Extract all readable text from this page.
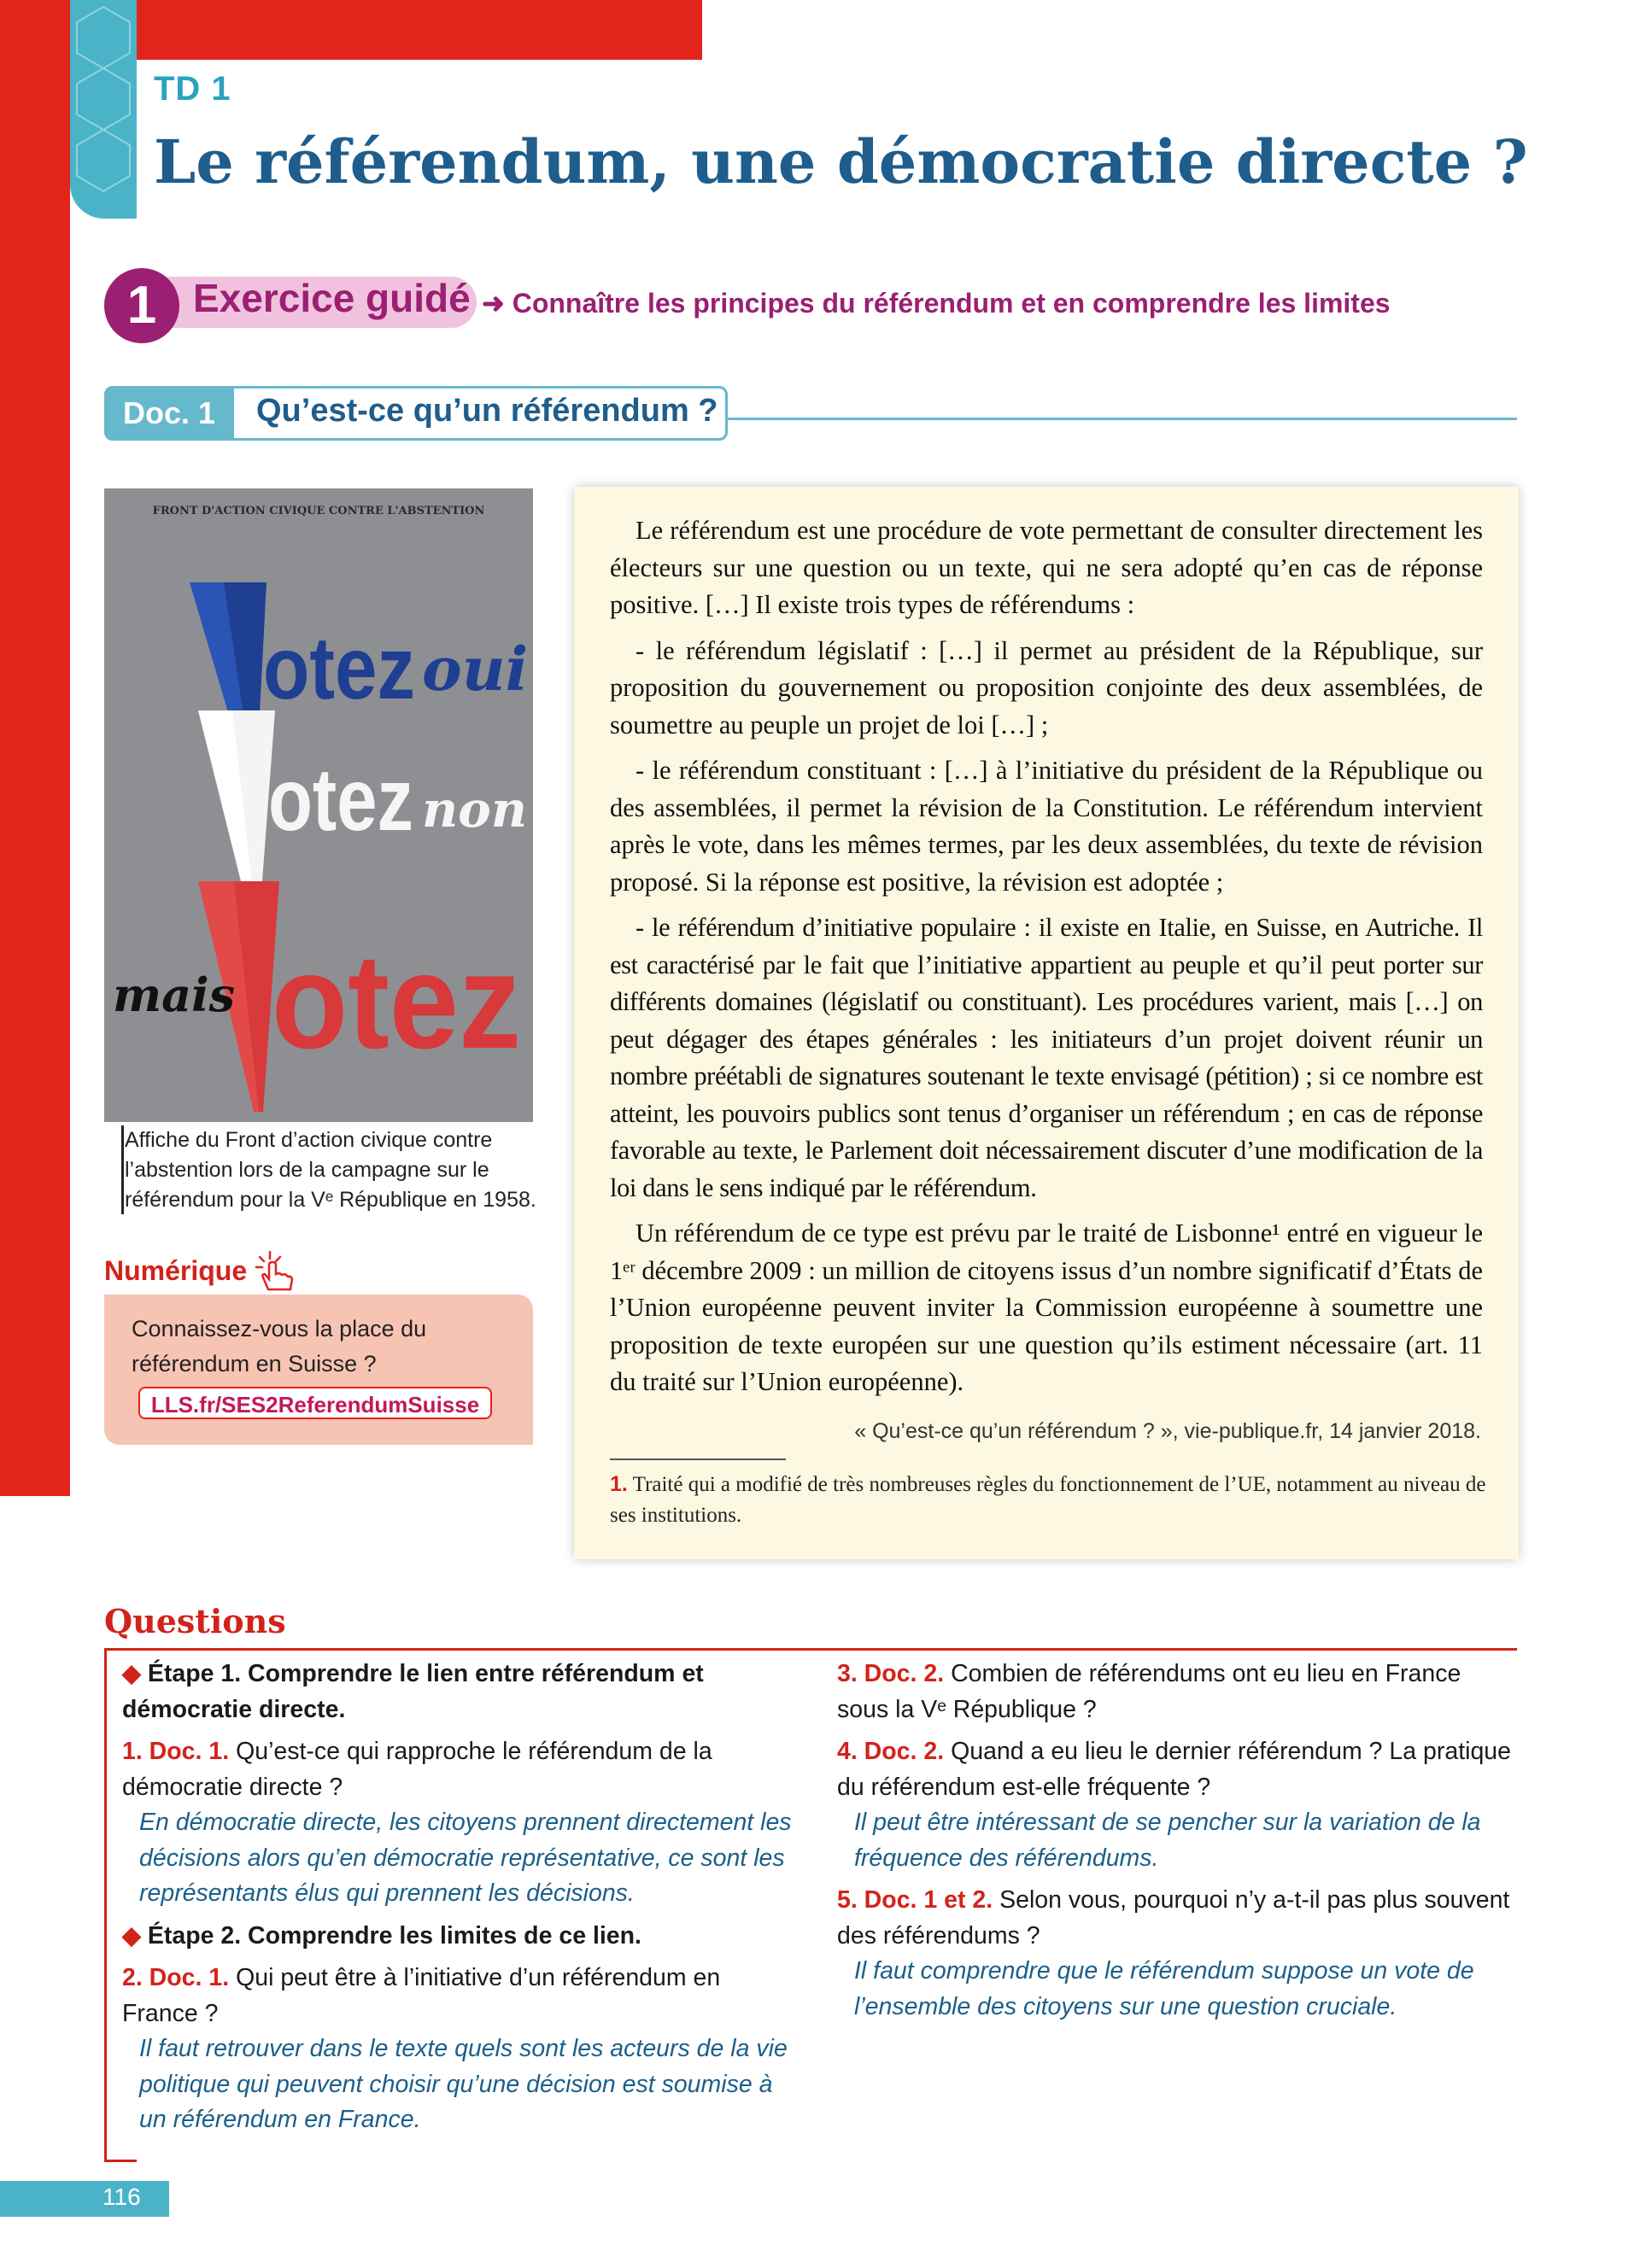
TD 1
Le référendum, une démocratie directe ?
1 Exercice guidé ➜ Connaître les principes du référendum et en comprendre les limites
Doc. 1	Qu’est-ce qu’un référendum ?
FRONT D'ACTION CIVIQUE CONTRE L'ABSTENTION
otez oui
otez non
mais otez
Affiche du Front d’action civique contre l’abstention lors de la campagne sur le référendum pour la Vᵉ République en 1958.
Numérique
Connaissez-vous la place du référendum en Suisse ?
LLS.fr/SES2ReferendumSuisse

Le référendum est une procédure de vote permettant de consulter directement les électeurs sur une question ou un texte, qui ne sera adopté qu’en cas de réponse positive. […] Il existe trois types de référendums :

- le référendum législatif : […] il permet au président de la République, sur proposition du gouvernement ou proposition conjointe des deux assemblées, de soumettre au peuple un projet de loi […] ;

- le référendum constituant : […] à l’initiative du président de la République ou des assemblées, il permet la révision de la Constitution. Le référendum intervient après le vote, dans les mêmes termes, par les deux assemblées, du texte de révision proposé. Si la réponse est positive, la révision est adoptée ;

- le référendum d’initiative populaire : il existe en Italie, en Suisse, en Autriche. Il est caractérisé par le fait que l’initiative appartient au peuple et qu’il peut porter sur différents domaines (législatif ou constituant). Les procédures varient, mais […] on peut dégager des étapes générales : les initiateurs d’un projet doivent réunir un nombre préétabli de signatures soutenant le texte envisagé (pétition) ; si ce nombre est atteint, les pouvoirs publics sont tenus d’organiser un référendum ; en cas de réponse favorable au texte, le Parlement doit nécessairement discuter d’une modification de la loi dans le sens indiqué par le référendum.

Un référendum de ce type est prévu par le traité de Lisbonne¹ entré en vigueur le 1ᵉʳ décembre 2009 : un million de citoyens issus d’un nombre significatif d’États de l’Union européenne peuvent inviter la Commission européenne à soumettre une proposition de texte européen sur une question qu’ils estiment nécessaire (art. 11 du traité sur l’Union européenne).

« Qu’est-ce qu’un référendum ? », vie-publique.fr, 14 janvier 2018.
1. Traité qui a modifié de très nombreuses règles du fonctionnement de l’UE, notamment au niveau de ses institutions.
Questions
◆ Étape 1. Comprendre le lien entre référendum et démocratie directe.
1. Doc. 1. Qu’est-ce qui rapproche le référendum de la démocratie directe ?
En démocratie directe, les citoyens prennent directement les décisions alors qu’en démocratie représentative, ce sont les représentants élus qui prennent les décisions.
◆ Étape 2. Comprendre les limites de ce lien.
2. Doc. 1. Qui peut être à l’initiative d’un référendum en France ?
Il faut retrouver dans le texte quels sont les acteurs de la vie politique qui peuvent choisir qu’une décision est soumise à un référendum en France.
3. Doc. 2. Combien de référendums ont eu lieu en France sous la Vᵉ République ?
4. Doc. 2. Quand a eu lieu le dernier référendum ? La pratique du référendum est-elle fréquente ?
Il peut être intéressant de se pencher sur la variation de la fréquence des référendums.
5. Doc. 1 et 2. Selon vous, pourquoi n’y a-t-il pas plus souvent des référendums ?
Il faut comprendre que le référendum suppose un vote de l’ensemble des citoyens sur une question cruciale.
116
